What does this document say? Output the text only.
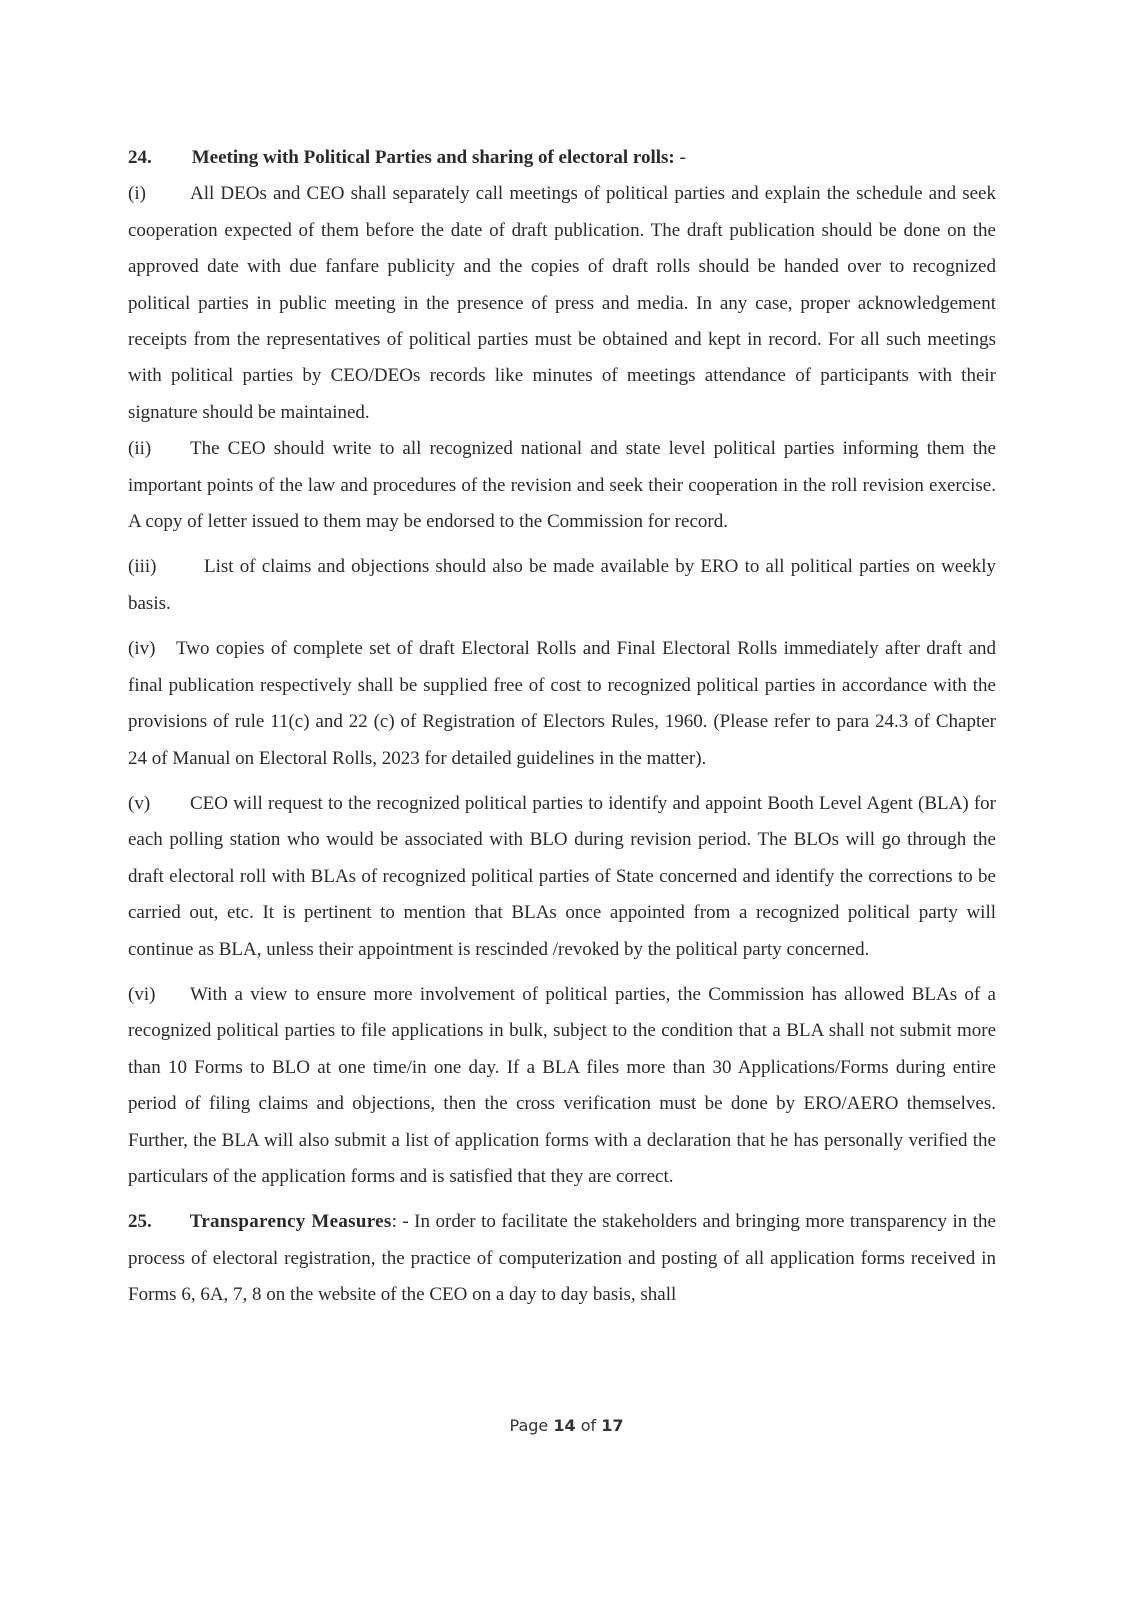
24. Meeting with Political Parties and sharing of electoral rolls: -

(i) All DEOs and CEO shall separately call meetings of political parties and explain the schedule and seek cooperation expected of them before the date of draft publication. The draft publication should be done on the approved date with due fanfare publicity and the copies of draft rolls should be handed over to recognized political parties in public meeting in the presence of press and media. In any case, proper acknowledgement receipts from the representatives of political parties must be obtained and kept in record. For all such meetings with political parties by CEO/DEOs records like minutes of meetings attendance of participants with their signature should be maintained.

(ii) The CEO should write to all recognized national and state level political parties informing them the important points of the law and procedures of the revision and seek their cooperation in the roll revision exercise. A copy of letter issued to them may be endorsed to the Commission for record.

(iii)	List of claims and objections should also be made available by ERO to all political parties on weekly basis.

(iv) Two copies of complete set of draft Electoral Rolls and Final Electoral Rolls immediately after draft and final publication respectively shall be supplied free of cost to recognized political parties in accordance with the provisions of rule 11(c) and 22 (c) of Registration of Electors Rules, 1960. (Please refer to para 24.3 of Chapter 24 of Manual on Electoral Rolls, 2023 for detailed guidelines in the matter).

(v) CEO will request to the recognized political parties to identify and appoint Booth Level Agent (BLA) for each polling station who would be associated with BLO during revision period. The BLOs will go through the draft electoral roll with BLAs of recognized political parties of State concerned and identify the corrections to be carried out, etc. It is pertinent to mention that BLAs once appointed from a recognized political party will continue as BLA, unless their appointment is rescinded /revoked by the political party concerned.

(vi) With a view to ensure more involvement of political parties, the Commission has allowed BLAs of a recognized political parties to file applications in bulk, subject to the condition that a BLA shall not submit more than 10 Forms to BLO at one time/in one day. If a BLA files more than 30 Applications/Forms during entire period of filing claims and objections, then the cross verification must be done by ERO/AERO themselves. Further, the BLA will also submit a list of application forms with a declaration that he has personally verified the particulars of the application forms and is satisfied that they are correct.

25. Transparency Measures: - In order to facilitate the stakeholders and bringing more transparency in the process of electoral registration, the practice of computerization and posting of all application forms received in Forms 6, 6A, 7, 8 on the website of the CEO on a day to day basis, shall

Page 14 of 17
